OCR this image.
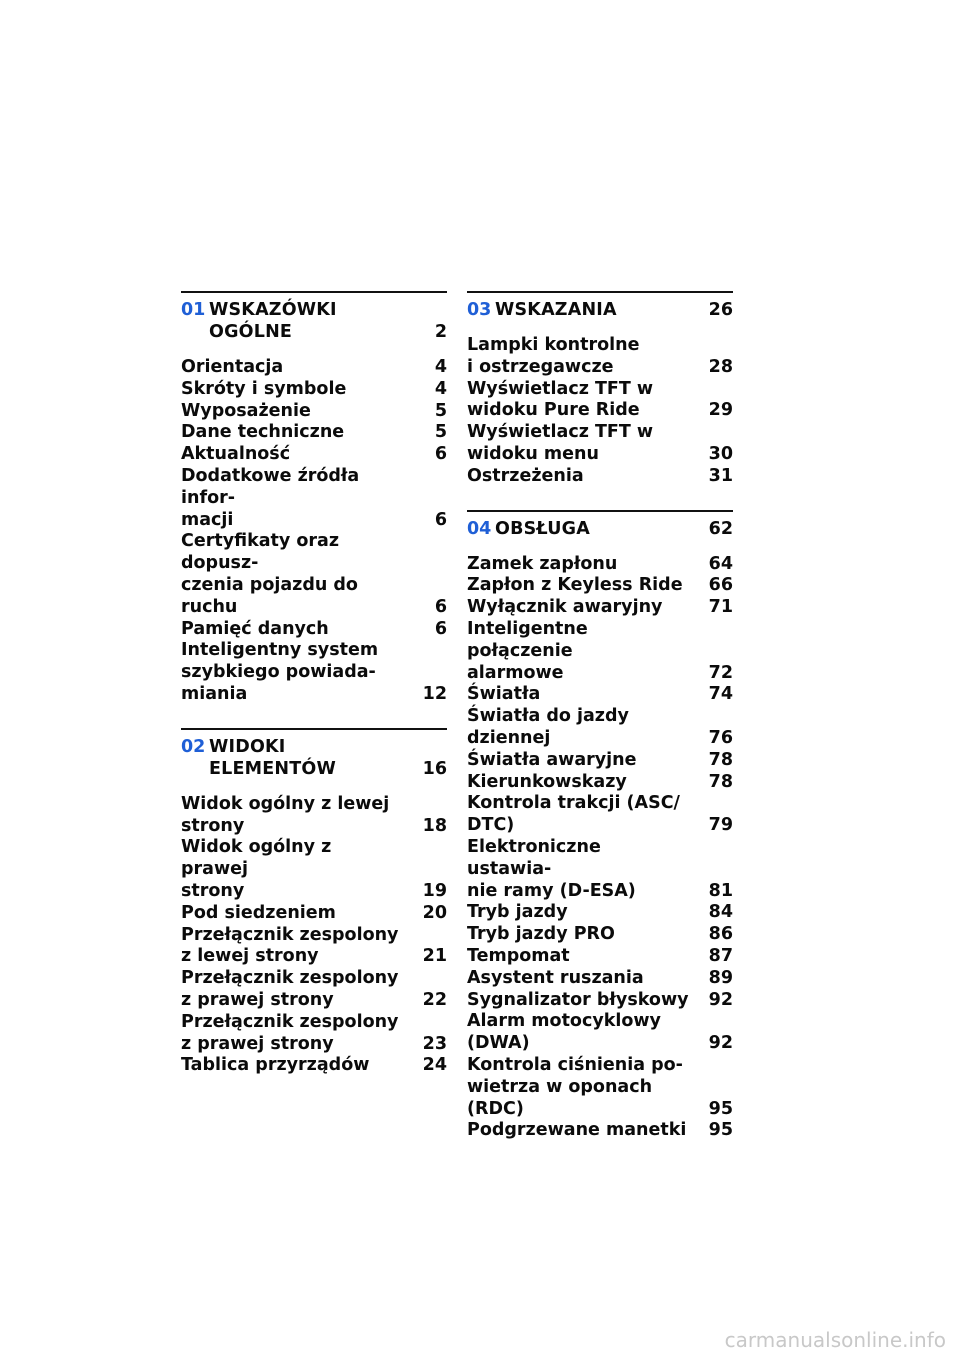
01 WSKAZÓWKI
OGÓLNE	2
Orientacja	4
Skróty i symbole	4
Wyposażenie	5
Dane techniczne	5
Aktualność	6
Dodatkowe źródła infor-
macji	6
Certyfikaty oraz dopusz-
czenia pojazdu do ruchu	6
Pamięć danych	6
Inteligentny system
szybkiego powiada-
miania	12
02 WIDOKI
ELEMENTÓW	16
Widok ogólny z lewej
strony	18
Widok ogólny z prawej
strony	19
Pod siedzeniem	20
Przełącznik zespolony
z lewej strony	21
Przełącznik zespolony
z prawej strony	22
Przełącznik zespolony
z prawej strony	23
Tablica przyrządów	24
03 WSKAZANIA	26
Lampki kontrolne
i ostrzegawcze	28
Wyświetlacz TFT w
widoku Pure Ride	29
Wyświetlacz TFT w
widoku menu	30
Ostrzeżenia	31
04 OBSŁUGA	62
Zamek zapłonu	64
Zapłon z Keyless Ride	66
Wyłącznik awaryjny	71
Inteligentne połączenie
alarmowe	72
Światła	74
Światła do jazdy
dziennej	76
Światła awaryjne	78
Kierunkowskazy	78
Kontrola trakcji (ASC/
DTC)	79
Elektroniczne ustawia-
nie ramy (D-ESA)	81
Tryb jazdy	84
Tryb jazdy PRO	86
Tempomat	87
Asystent ruszania	89
Sygnalizator błyskowy	92
Alarm motocyklowy
(DWA)	92
Kontrola ciśnienia po-
wietrza w oponach
(RDC)	95
Podgrzewane manetki	95
carmanualsonline.info
